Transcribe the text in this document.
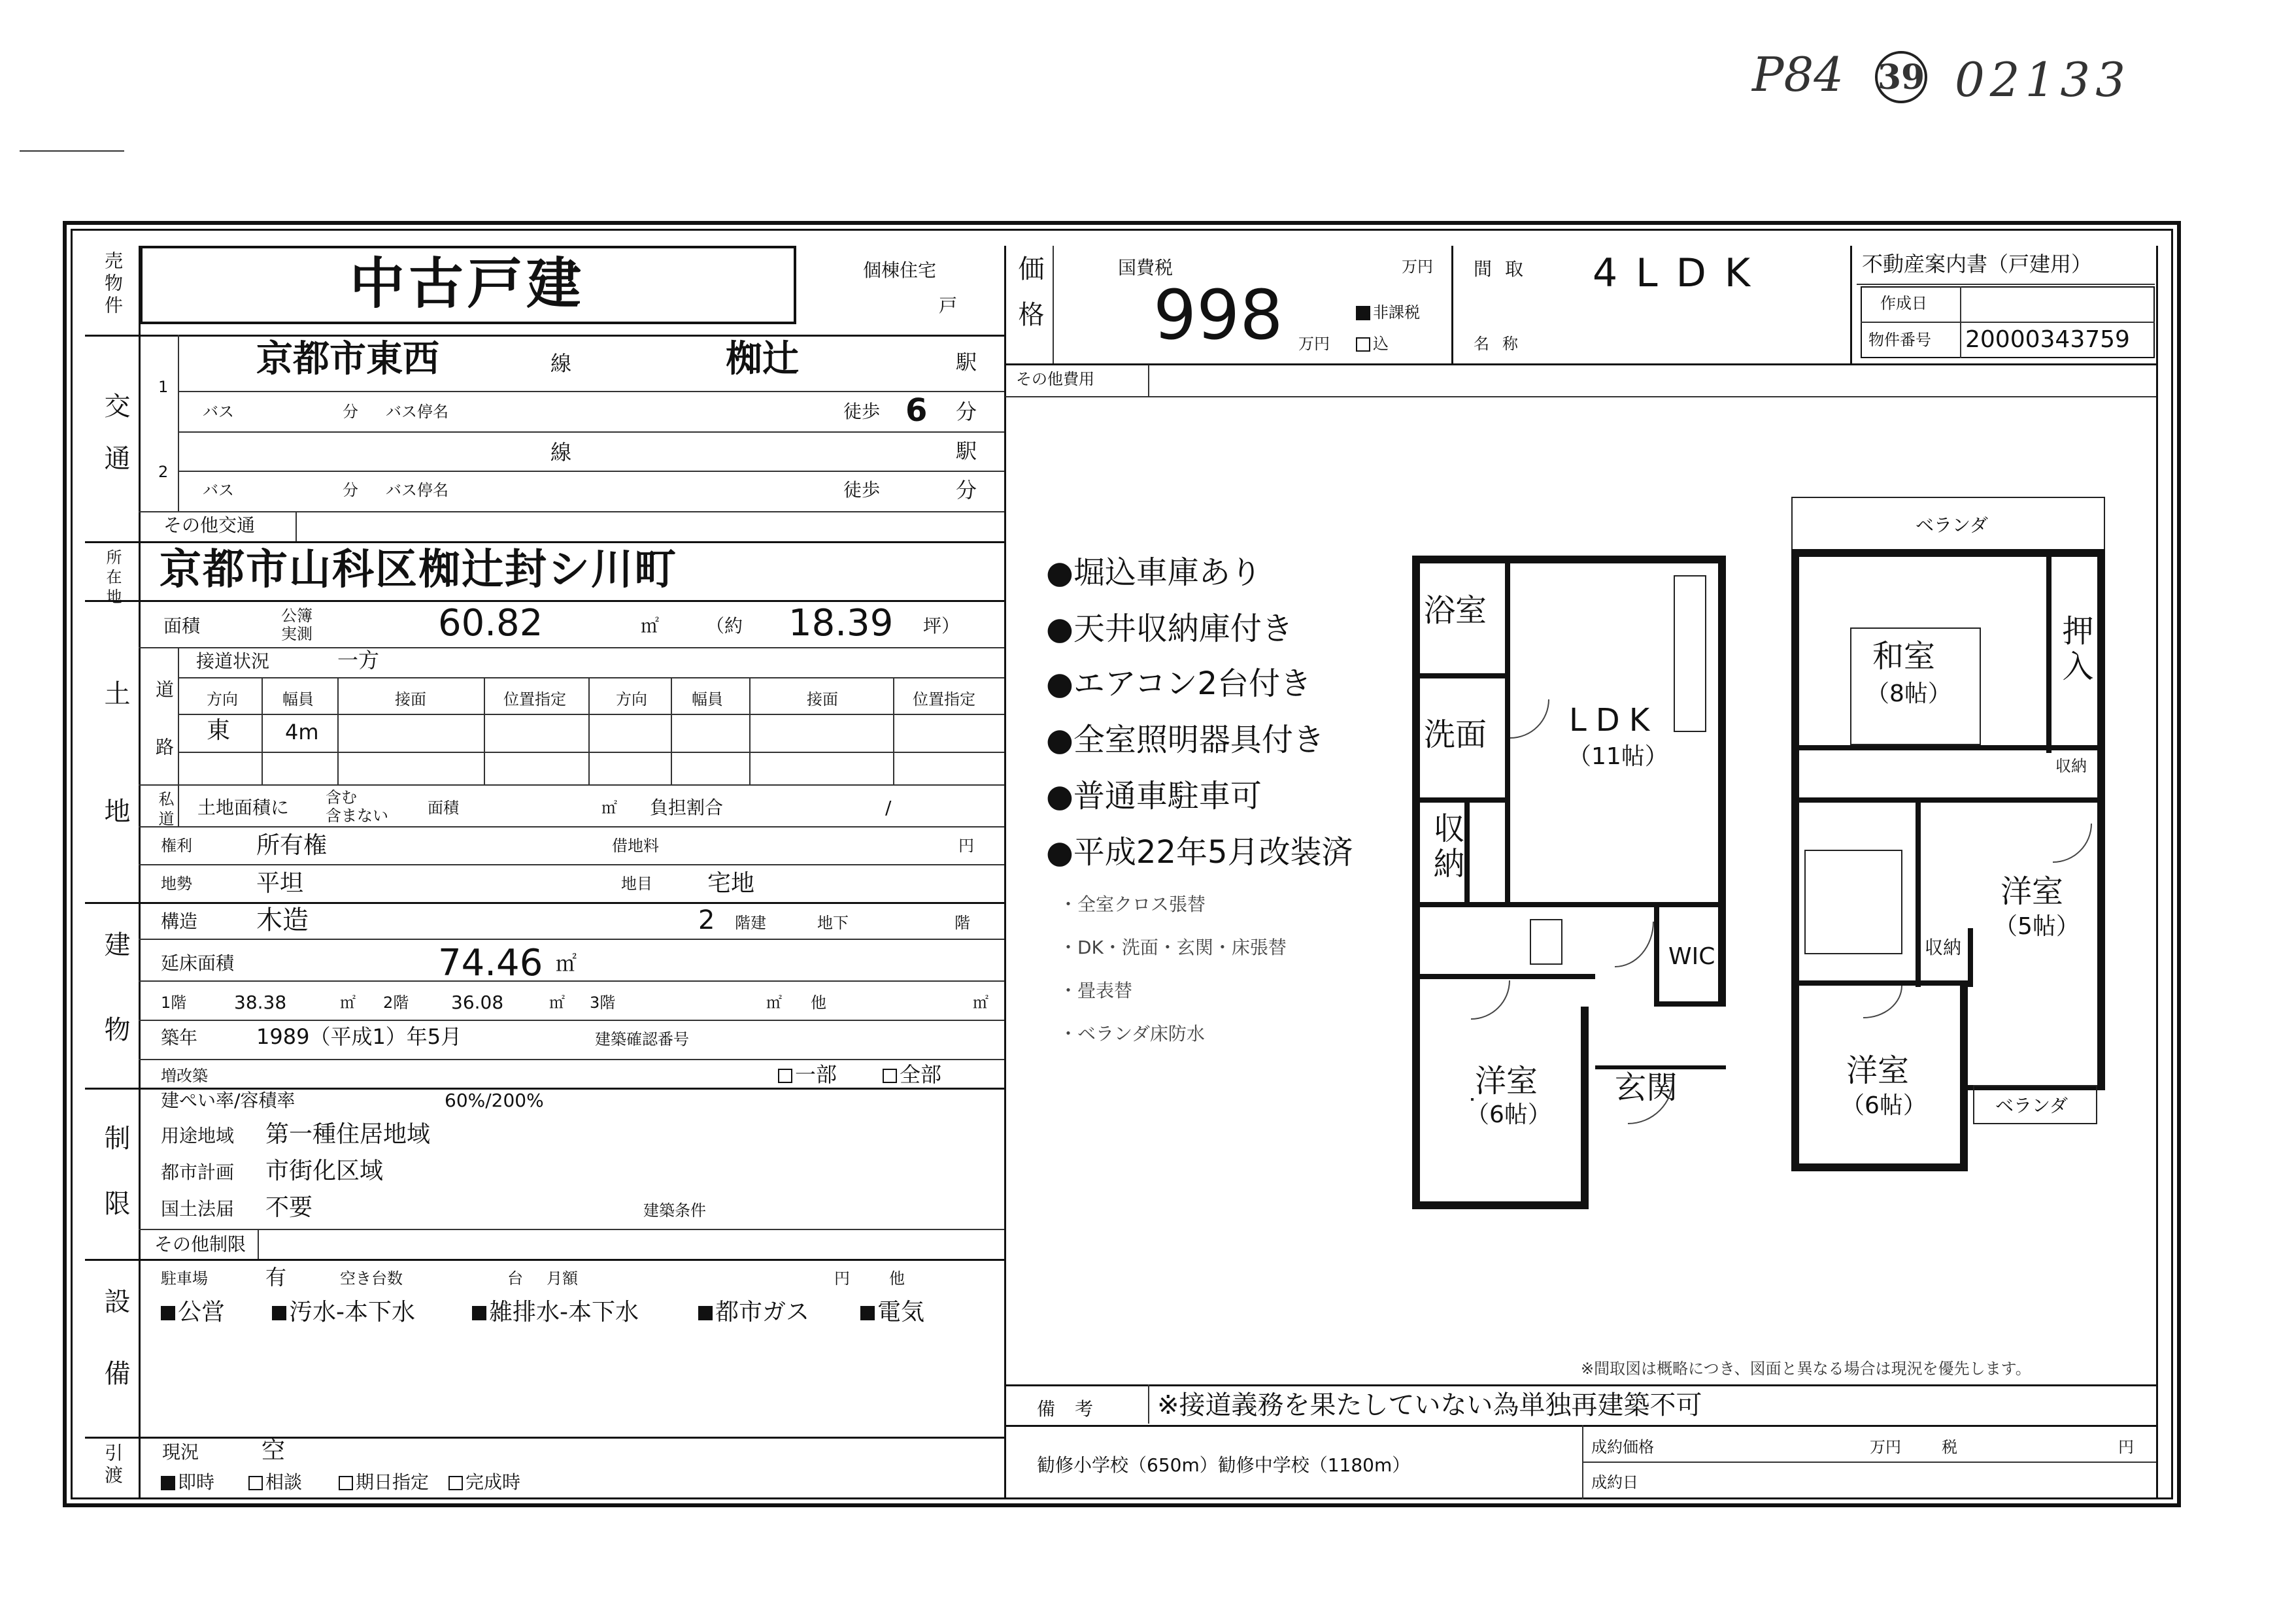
P84 39 02133
売物件	中古戸建	個棟住宅
戸
交通
1
京都市東西	線	椥辻	駅
バス	分 バス停名	徒歩 6 分
2
線	駅
バス	分 バス停名	徒歩	分
その他交通
所在地 京都市山科区椥辻封シ川町
土地
面積	公簿
実測	60.82	㎡	（約 18.39 坪）
道路
接道状況	一方
方向	幅員	接面	位置指定	方向	幅員	接面	位置指定
東	4m
私道 土地面積に 含む
含まない	面積	㎡ 負担割合	/
権利	所有権	借地料	円
地勢	平坦	地目 宅地
建物
構造 木造	2 階建	地下	階
延床面積	74.46 ㎡
1階	38.38	㎡ 2階 36.08	㎡ 3階	㎡ 他	㎡
築年	1989（平成1）年5月	建築確認番号
増改築	一部	全部
制限
建ぺい率/容積率	60%/200%
用途地域 第一種住居地域
都市計画 市街化区域
国土法届 不要	建築条件
その他制限
設備
駐車場	有	空き台数	台 月額	円	他
公営	汚水-本下水	雑排水-本下水	都市ガス	電気
引渡 現況	空
即時	相談	期日指定	完成時
価格	国費税
998
万円
万円
非課税
込
間取 4LDK
名称
不動産案内書（戸建用）
作成日
物件番号 20000343759
その他費用
●堀込車庫あり
●天井収納庫付き
●エアコン2台付き
●全室照明器具付き
●普通車駐車可
●平成22年5月改装済
・全室クロス張替
・DK・洗面・玄関・床張替
・畳表替
・ベランダ床防水
浴室
洗面
収納
LDK
（11帖）
WIC
洋室
（6帖）
玄関
ベランダ
和室
（8帖）
押入
収納
洋室
（5帖）
収納
洋室
（6帖）	ベランダ
※間取図は概略につき、図面と異なる場合は現況を優先します。
備考 ※接道義務を果たしていない為単独再建築不可
勧修小学校（650m）勧修中学校（1180m）
成約価格	万円	税	円
成約日
